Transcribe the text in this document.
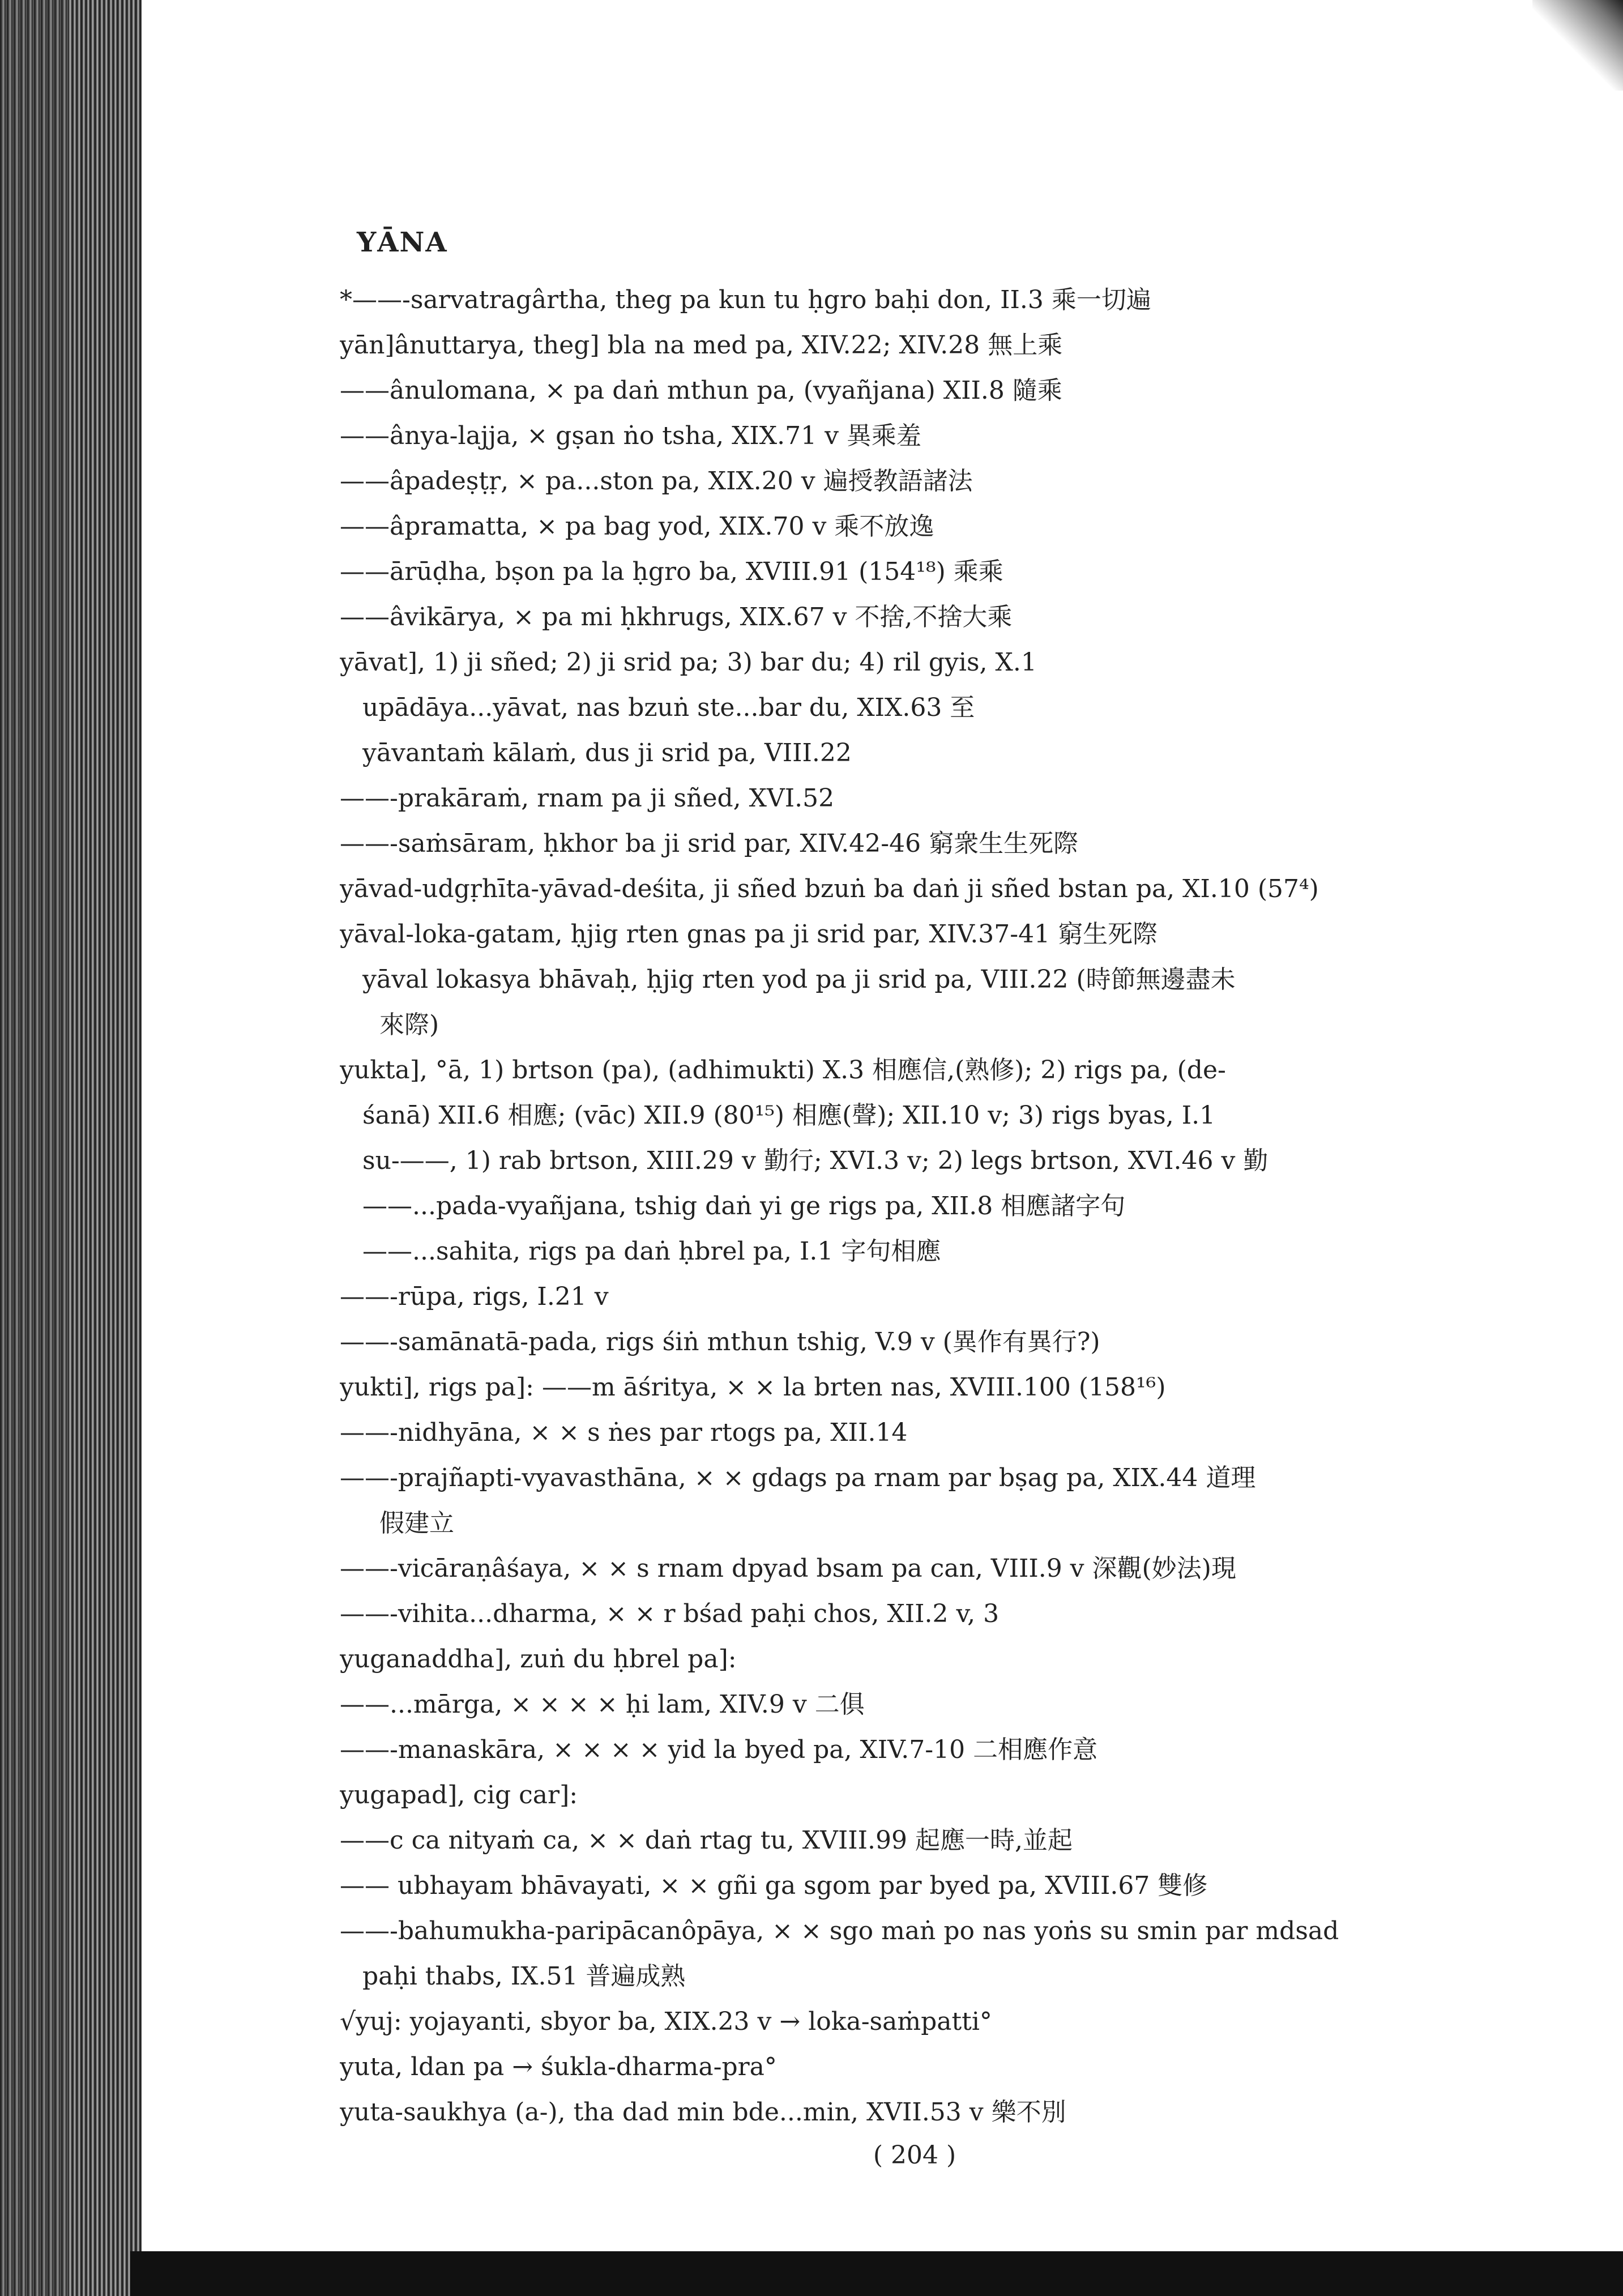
YĀNA
*——-sarvatragârtha, theg pa kun tu ḥgro baḥi don, II.3 乘一切遍
yān]ânuttarya, theg] bla na med pa, XIV.22; XIV.28 無上乘
——ânulomana, × pa daṅ mthun pa, (vyañjana) XII.8 隨乘
——ânya-lajja, × gṣan ṅo tsha, XIX.71 v 異乘羞
——âpadeṣṭṛ, × pa...ston pa, XIX.20 v 遍授教語諸法
——âpramatta, × pa bag yod, XIX.70 v 乘不放逸
——ārūḍha, bṣon pa la ḥgro ba, XVIII.91 (154¹⁸) 乘乘
——âvikārya, × pa mi ḥkhrugs, XIX.67 v 不捨,不捨大乘
yāvat], 1) ji sñed; 2) ji srid pa; 3) bar du; 4) ril gyis, X.1
upādāya...yāvat, nas bzuṅ ste...bar du, XIX.63 至
yāvantaṁ kālaṁ, dus ji srid pa, VIII.22
——-prakāraṁ, rnam pa ji sñed, XVI.52
——-saṁsāram, ḥkhor ba ji srid par, XIV.42-46 窮衆生生死際
yāvad-udgṛhīta-yāvad-deśita, ji sñed bzuṅ ba daṅ ji sñed bstan pa, XI.10 (57⁴)
yāval-loka-gatam, ḥjig rten gnas pa ji srid par, XIV.37-41 窮生死際
yāval lokasya bhāvaḥ, ḥjig rten yod pa ji srid pa, VIII.22 (時節無邊盡未
來際)
yukta], °ā, 1) brtson (pa), (adhimukti) X.3 相應信,(熟修); 2) rigs pa, (de-
śanā) XII.6 相應; (vāc) XII.9 (80¹⁵) 相應(聲); XII.10 v; 3) rigs byas, I.1
su-——, 1) rab brtson, XIII.29 v 勤行; XVI.3 v; 2) legs brtson, XVI.46 v 勤
——...pada-vyañjana, tshig daṅ yi ge rigs pa, XII.8 相應諸字句
——...sahita, rigs pa daṅ ḥbrel pa, I.1 字句相應
——-rūpa, rigs, I.21 v
——-samānatā-pada, rigs śiṅ mthun tshig, V.9 v (異作有異行?)
yukti], rigs pa]: ——m āśritya, × × la brten nas, XVIII.100 (158¹⁶)
——-nidhyāna, × × s ṅes par rtogs pa, XII.14
——-prajñapti-vyavasthāna, × × gdags pa rnam par bṣag pa, XIX.44 道理
假建立
——-vicāraṇâśaya, × × s rnam dpyad bsam pa can, VIII.9 v 深觀(妙法)現
——-vihita...dharma, × × r bśad paḥi chos, XII.2 v, 3
yuganaddha], zuṅ du ḥbrel pa]:
——...mārga, × × × × ḥi lam, XIV.9 v 二俱
——-manaskāra, × × × × yid la byed pa, XIV.7-10 二相應作意
yugapad], cig car]:
——c ca nityaṁ ca, × × daṅ rtag tu, XVIII.99 起應一時,並起
—— ubhayam bhāvayati, × × gñi ga sgom par byed pa, XVIII.67 雙修
——-bahumukha-paripācanôpāya, × × sgo maṅ po nas yoṅs su smin par mdsad
paḥi thabs, IX.51 普遍成熟
√yuj: yojayanti, sbyor ba, XIX.23 v → loka-saṁpatti°
yuta, ldan pa → śukla-dharma-pra°
yuta-saukhya (a-), tha dad min bde...min, XVII.53 v 樂不別
( 204 )
